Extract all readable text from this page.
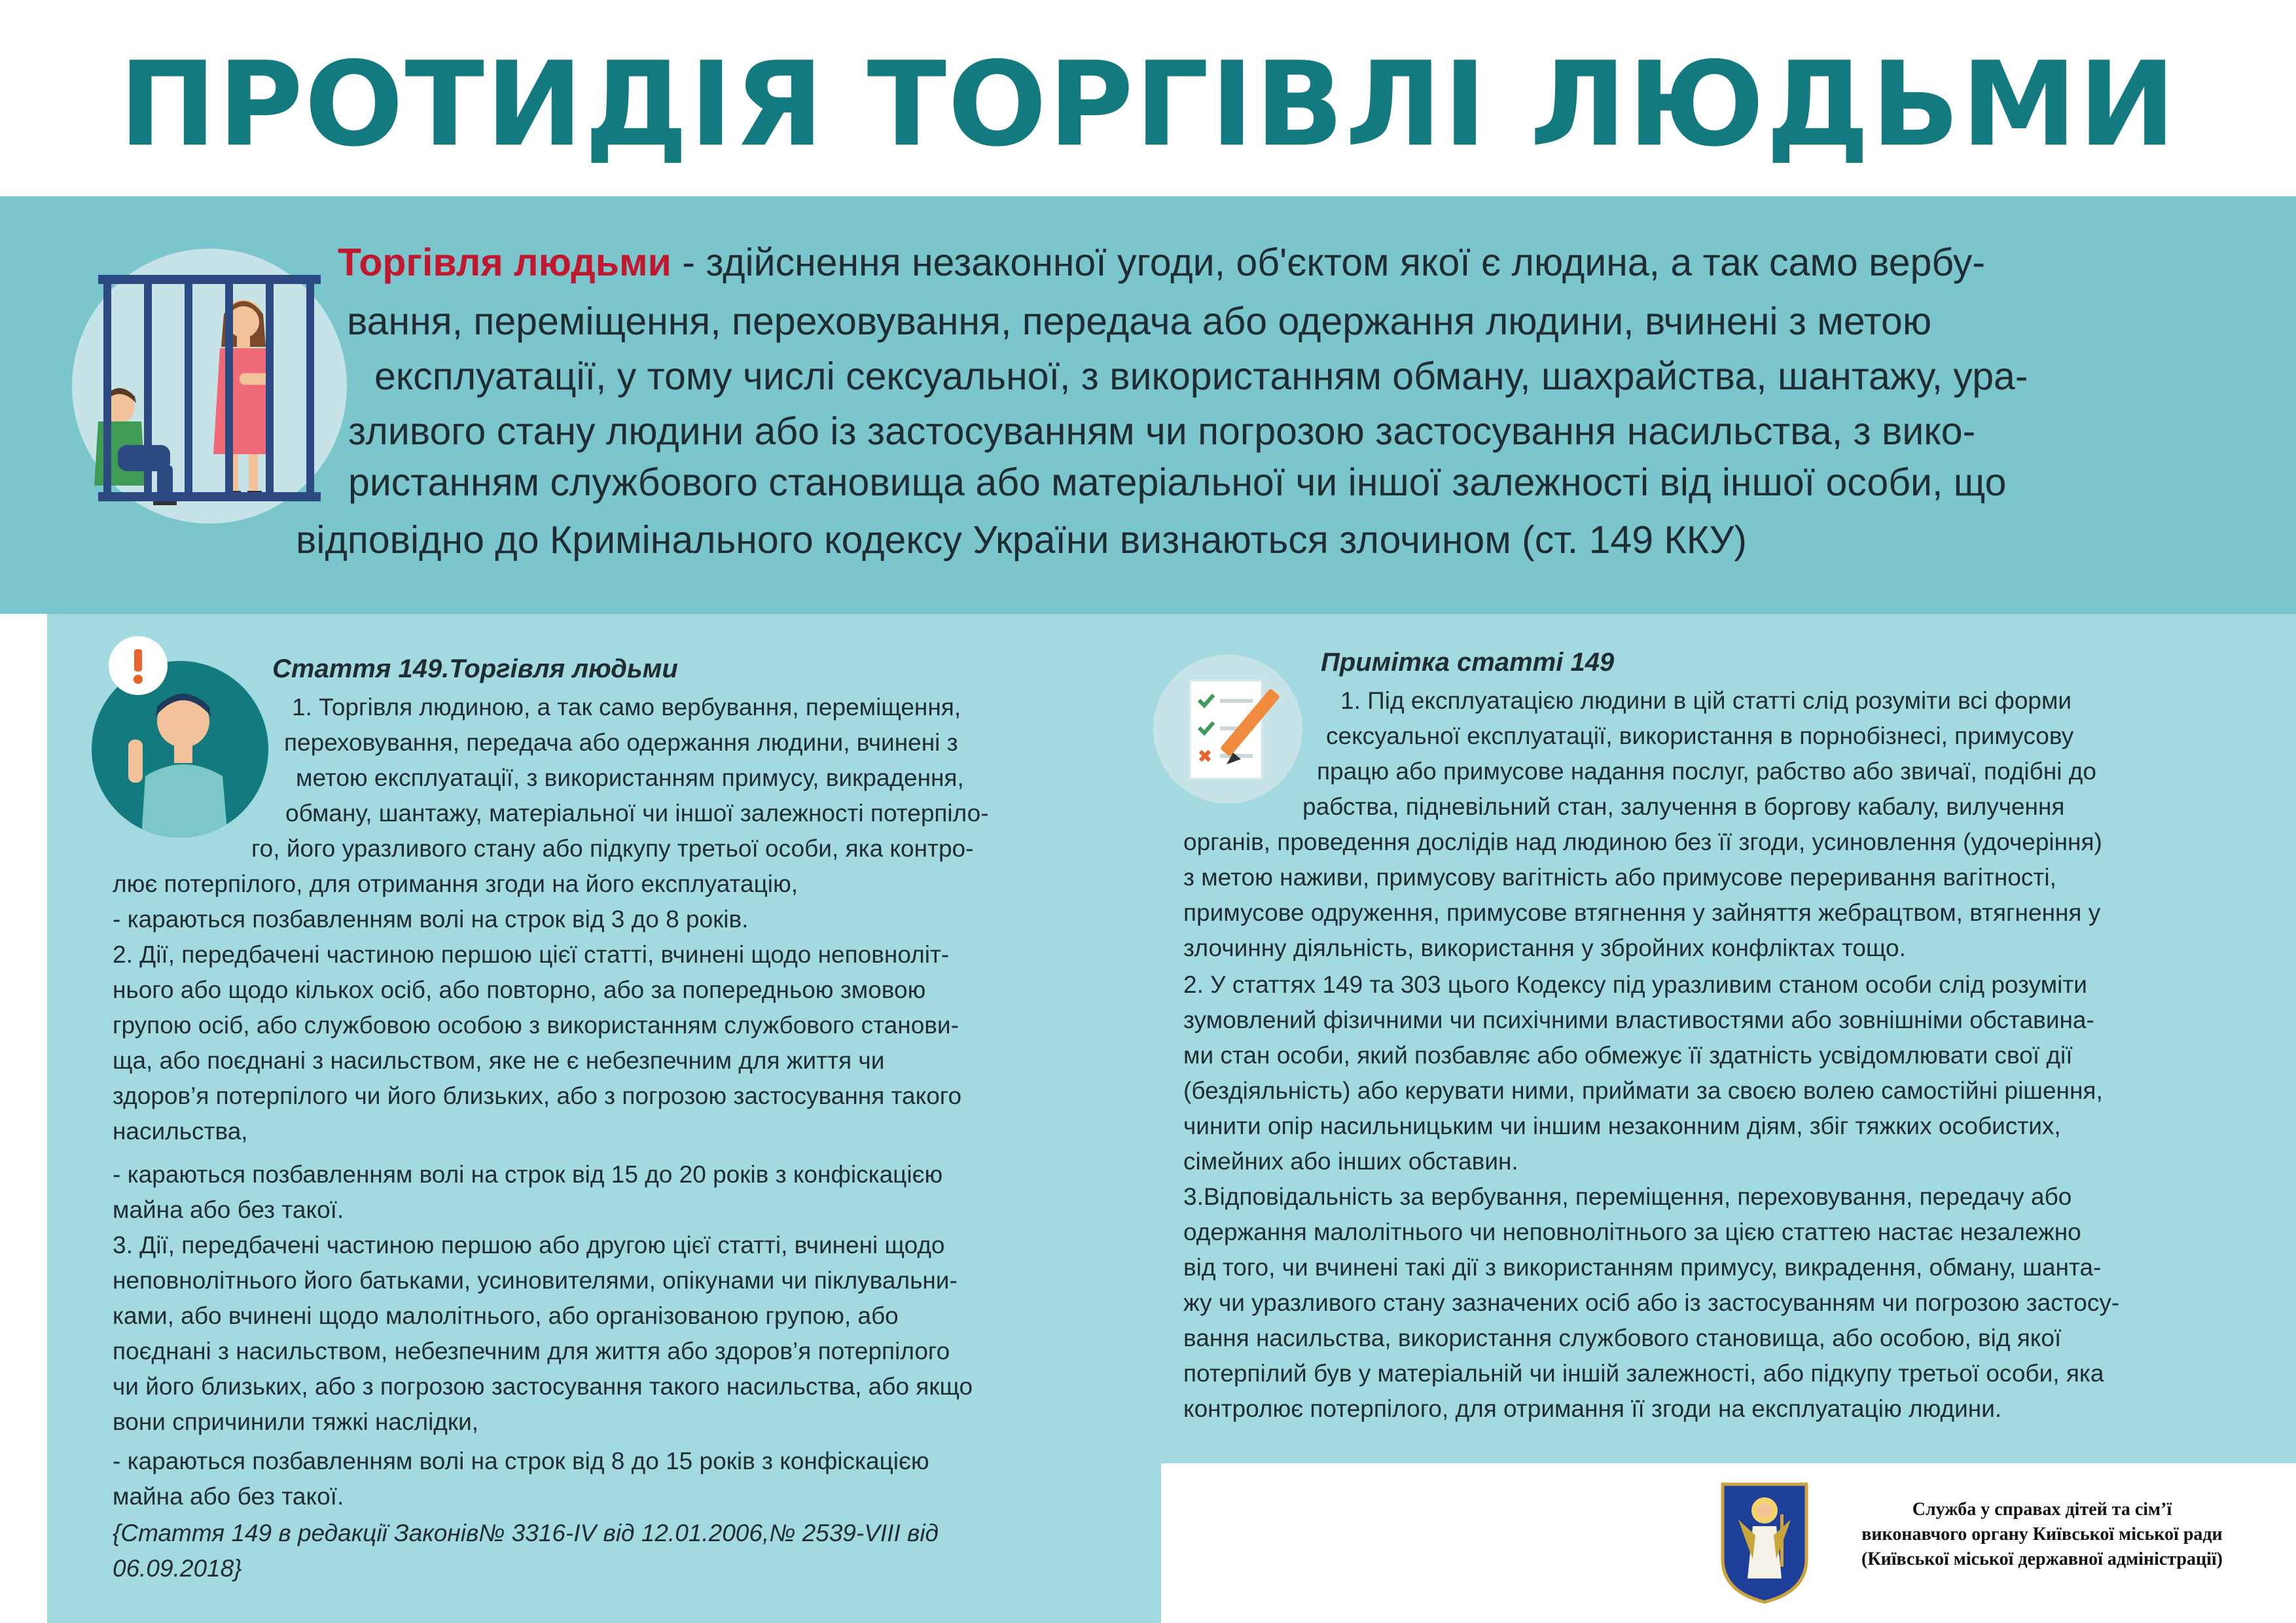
ПРОТИДІЯ ТОРГІВЛІ ЛЮДЬМИ
Торгівля людьми - здійснення незаконної угоди, об'єктом якої є людина, а так само вербу-
вання, переміщення, переховування, передача або одержання людини, вчинені з метою
експлуатації, у тому числі сексуальної, з використанням обману, шахрайства, шантажу, ура-
зливого стану людини або із застосуванням чи погрозою застосування насильства, з вико-
ристанням службового становища або матеріальної чи іншої залежності від іншої особи, що
відповідно до Кримінального кодексу України визнаються злочином (ст. 149 ККУ)
Стаття 149.Торгівля людьми
1. Торгівля людиною, а так само вербування, переміщення,
переховування, передача або одержання людини, вчинені з
метою експлуатації, з використанням примусу, викрадення,
обману, шантажу, матеріальної чи іншої залежності потерпіло-
го, його уразливого стану або підкупу третьої особи, яка контро-
лює потерпілого, для отримання згоди на його експлуатацію,
- караються позбавленням волі на строк від 3 до 8 років.
2. Дії, передбачені частиною першою цієї статті, вчинені щодо неповноліт-
нього або щодо кількох осіб, або повторно, або за попередньою змовою
групою осіб, або службовою особою з використанням службового станови-
ща, або поєднані з насильством, яке не є небезпечним для життя чи
здоров’я потерпілого чи його близьких, або з погрозою застосування такого
насильства,
- караються позбавленням волі на строк від 15 до 20 років з конфіскацією
майна або без такої.
3. Дії, передбачені частиною першою або другою цієї статті, вчинені щодо
неповнолітнього його батьками, усиновителями, опікунами чи піклувальни-
ками, або вчинені щодо малолітнього, або організованою групою, або
поєднані з насильством, небезпечним для життя або здоров’я потерпілого
чи його близьких, або з погрозою застосування такого насильства, або якщо
вони спричинили тяжкі наслідки,
- караються позбавленням волі на строк від 8 до 15 років з конфіскацією
майна або без такої.
{Стаття 149 в редакції Законів№ 3316-IV від 12.01.2006,№ 2539-VIII від
06.09.2018}
Примітка статті 149
1. Під експлуатацією людини в цій статті слід розуміти всі форми
сексуальної експлуатації, використання в порнобізнесі, примусову
працю або примусове надання послуг, рабство або звичаї, подібні до
рабства, підневільний стан, залучення в боргову кабалу, вилучення
органів, проведення дослідів над людиною без її згоди, усиновлення (удочеріння)
з метою наживи, примусову вагітність або примусове переривання вагітності,
примусове одруження, примусове втягнення у зайняття жебрацтвом, втягнення у
злочинну діяльність, використання у збройних конфліктах тощо.
2. У статтях 149 та 303 цього Кодексу під уразливим станом особи слід розуміти
зумовлений фізичними чи психічними властивостями або зовнішніми обставина-
ми стан особи, який позбавляє або обмежує її здатність усвідомлювати свої дії
(бездіяльність) або керувати ними, приймати за своєю волею самостійні рішення,
чинити опір насильницьким чи іншим незаконним діям, збіг тяжких особистих,
сімейних або інших обставин.
3.Відповідальність за вербування, переміщення, переховування, передачу або
одержання малолітнього чи неповнолітнього за цією статтею настає незалежно
від того, чи вчинені такі дії з використанням примусу, викрадення, обману, шанта-
жу чи уразливого стану зазначених осіб або із застосуванням чи погрозою застосу-
вання насильства, використання службового становища, або особою, від якої
потерпілий був у матеріальній чи іншій залежності, або підкупу третьої особи, яка
контролює потерпілого, для отримання її згоди на експлуатацію людини.
Служба у справах дітей та сім’ї
виконавчого органу Київської міської ради
(Київської міської державної адміністрації)
